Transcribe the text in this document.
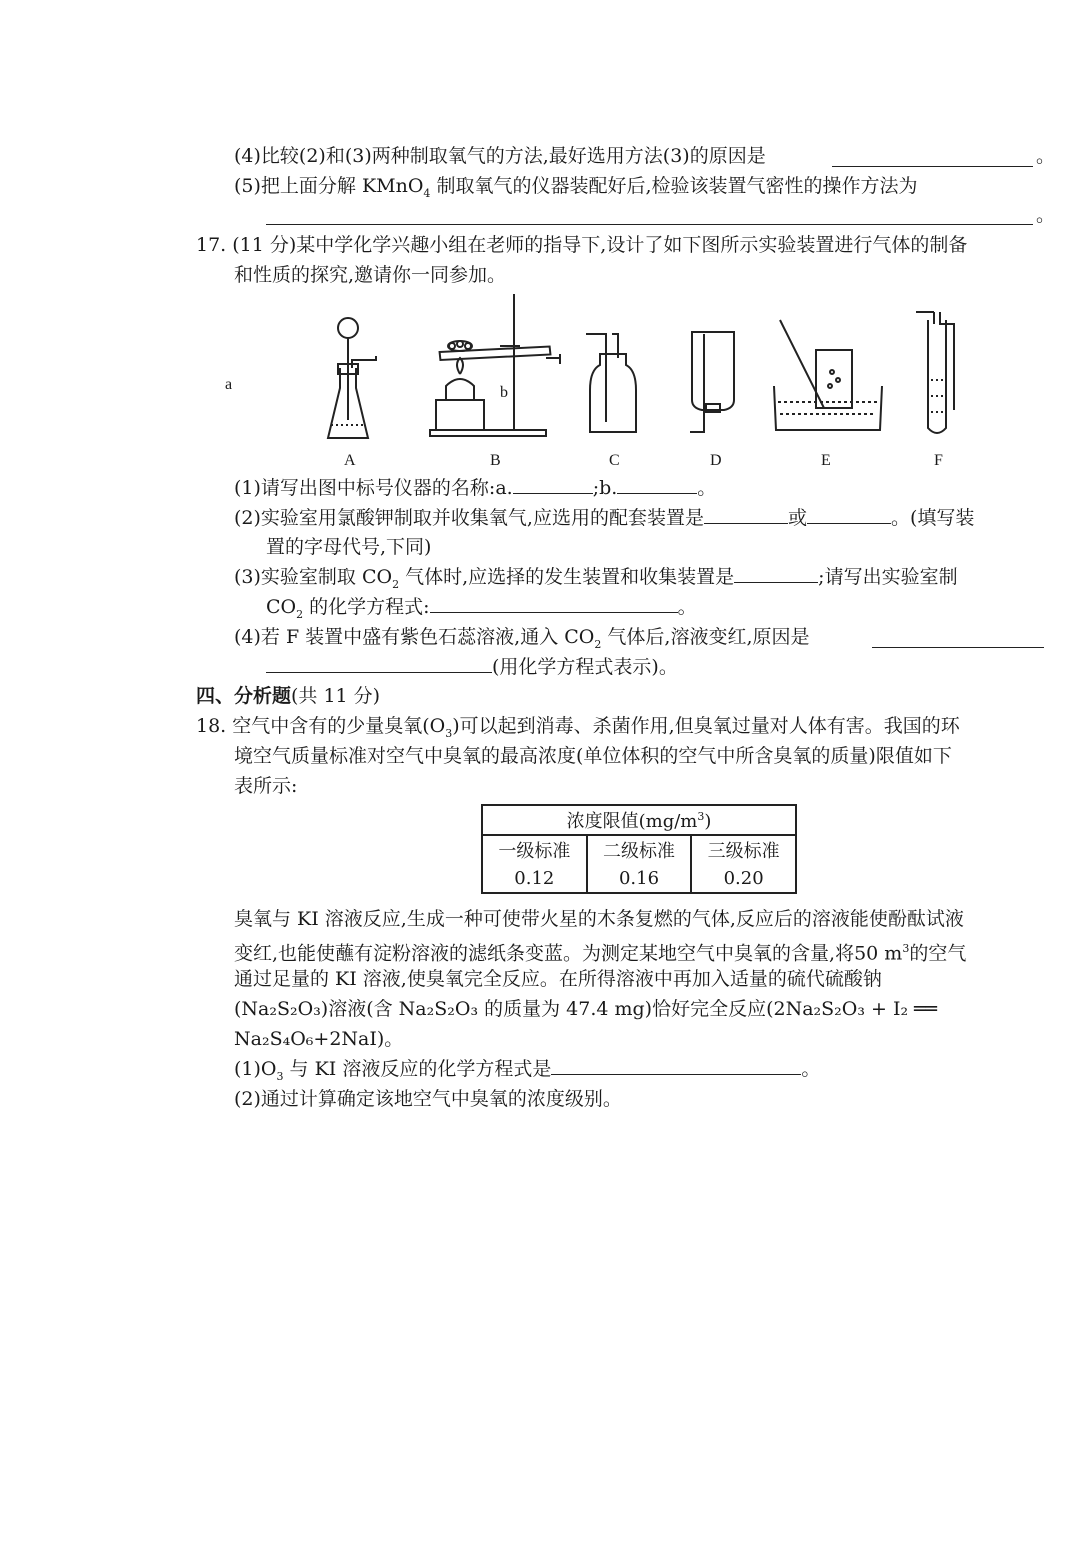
(4)比较(2)和(3)两种制取氧气的方法,最好选用方法(3)的原因是	。
(5)把上面分解 KMnO$_4$ 制取氧气的仪器装配好后,检验该装置气密性的操作方法为
。
17. (11 分)某中学化学兴趣小组在老师的指导下,设计了如下图所示实验装置进行气体的制备
和性质的探究,邀请你一同参加。
a	b
A	B	C	D	E	F
(1)请写出图中标号仪器的名称:a.	;b.	。
(2)实验室用氯酸钾制取并收集氧气,应选用的配套装置是	或	。(填写装
置的字母代号,下同)
(3)实验室制取 $CO_2$ 气体时,应选择的发生装置和收集装置是	;请写出实验室制
$CO_2$ 的化学方程式:	。
(4)若 F 装置中盛有紫色石蕊溶液,通入 $CO_2$ 气体后,溶液变红,原因是
(用化学方程式表示)。
四、分析题(共 11 分)
18. 空气中含有的少量臭氧$(O_3)$可以起到消毒、杀菌作用,但臭氧过量对人体有害。我国的环
境空气质量标准对空气中臭氧的最高浓度(单位体积的空气中所含臭氧的质量)限值如下
表所示:
浓度限值$(mg/m^3)$		
一级标准	二级标准	三级标准
0.12	0.16	0.20
臭氧与 KI 溶液反应,生成一种可使带火星的木条复燃的气体,反应后的溶液能使酚酞试液
变红,也能使蘸有淀粉溶液的滤纸条变蓝。为测定某地空气中臭氧的含量,将50 $m^3$的空气
通过足量的 KI 溶液,使臭氧完全反应。在所得溶液中再加入适量的硫代硫酸钠
(Na₂S₂O₃)溶液(含 Na₂S₂O₃ 的质量为 47.4 mg)恰好完全反应(2Na₂S₂O₃ + I₂ ══
Na₂S₄O₆+2NaI)。
$(1)O_3$ 与 KI 溶液反应的化学方程式是	。
(2)通过计算确定该地空气中臭氧的浓度级别。
